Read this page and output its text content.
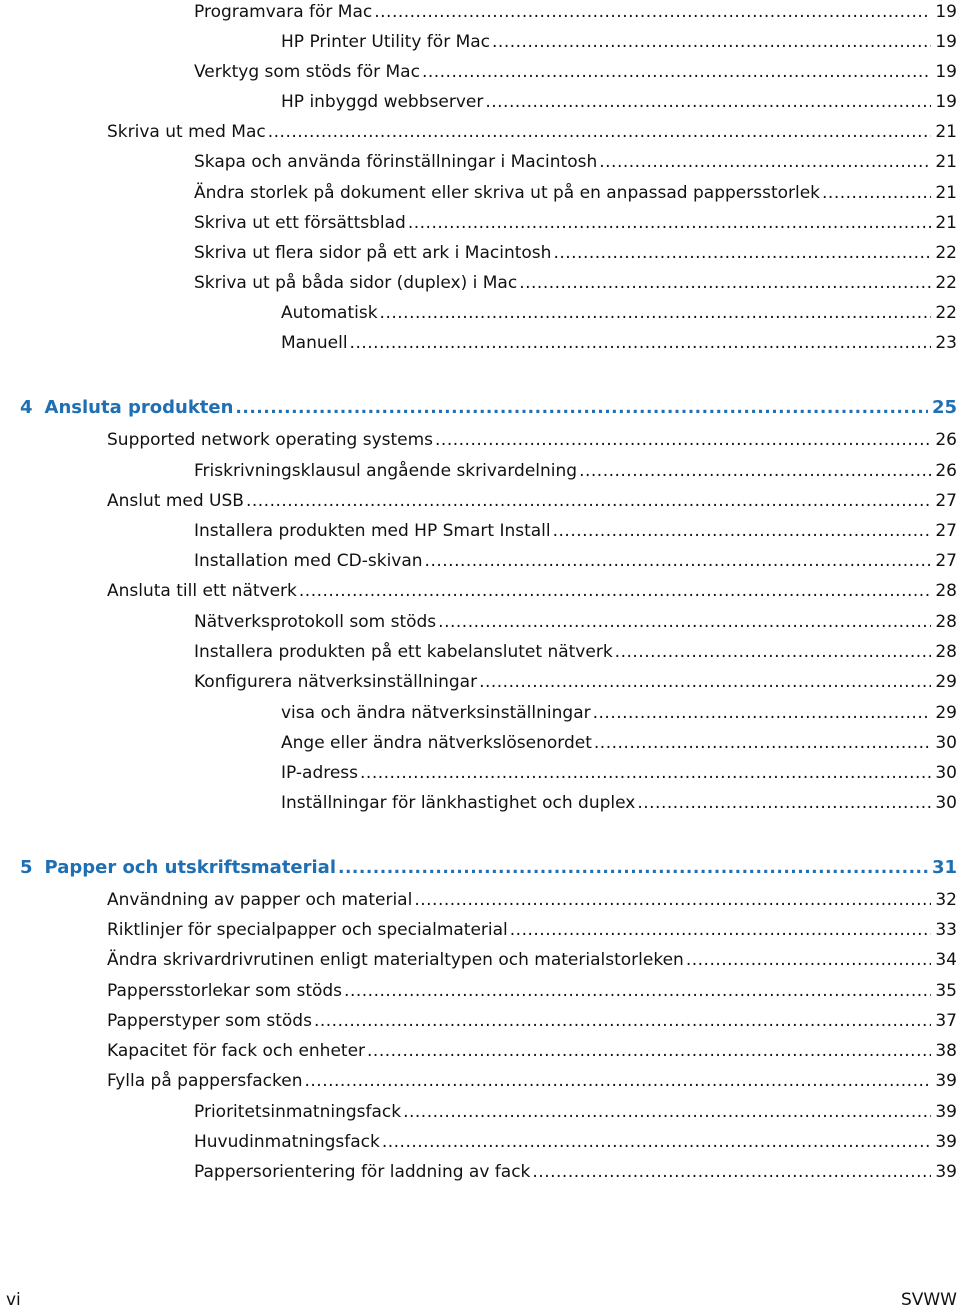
Programvara för Mac .....	19
HP Printer Utility för Mac .....	19
Verktyg som stöds för Mac .....	19
HP inbyggd webbserver .....	19
Skriva ut med Mac .....	21
Skapa och använda förinställningar i Macintosh .....	21
Ändra storlek på dokument eller skriva ut på en anpassad pappersstorlek .....	21
Skriva ut ett försättsblad .....	21
Skriva ut flera sidor på ett ark i Macintosh .....	22
Skriva ut på båda sidor (duplex) i Mac .....	22
Automatisk .....	22
Manuell .....	23
4 Ansluta produkten .....	25
Supported network operating systems .....	26
Friskrivningsklausul angående skrivardelning .....	26
Anslut med USB .....	27
Installera produkten med HP Smart Install .....	27
Installation med CD-skivan .....	27
Ansluta till ett nätverk .....	28
Nätverksprotokoll som stöds .....	28
Installera produkten på ett kabelanslutet nätverk .....	28
Konfigurera nätverksinställningar .....	29
visa och ändra nätverksinställningar .....	29
Ange eller ändra nätverkslösenordet .....	30
IP-adress .....	30
Inställningar för länkhastighet och duplex .....	30
5 Papper och utskriftsmaterial .....	31
Användning av papper och material .....	32
Riktlinjer för specialpapper och specialmaterial .....	33
Ändra skrivardrivrutinen enligt materialtypen och materialstorleken .....	34
Pappersstorlekar som stöds .....	35
Papperstyper som stöds .....	37
Kapacitet för fack och enheter .....	38
Fylla på pappersfacken .....	39
Prioritetsinmatningsfack .....	39
Huvudinmatningsfack .....	39
Pappersorientering för laddning av fack .....	39
vi	SVWW
